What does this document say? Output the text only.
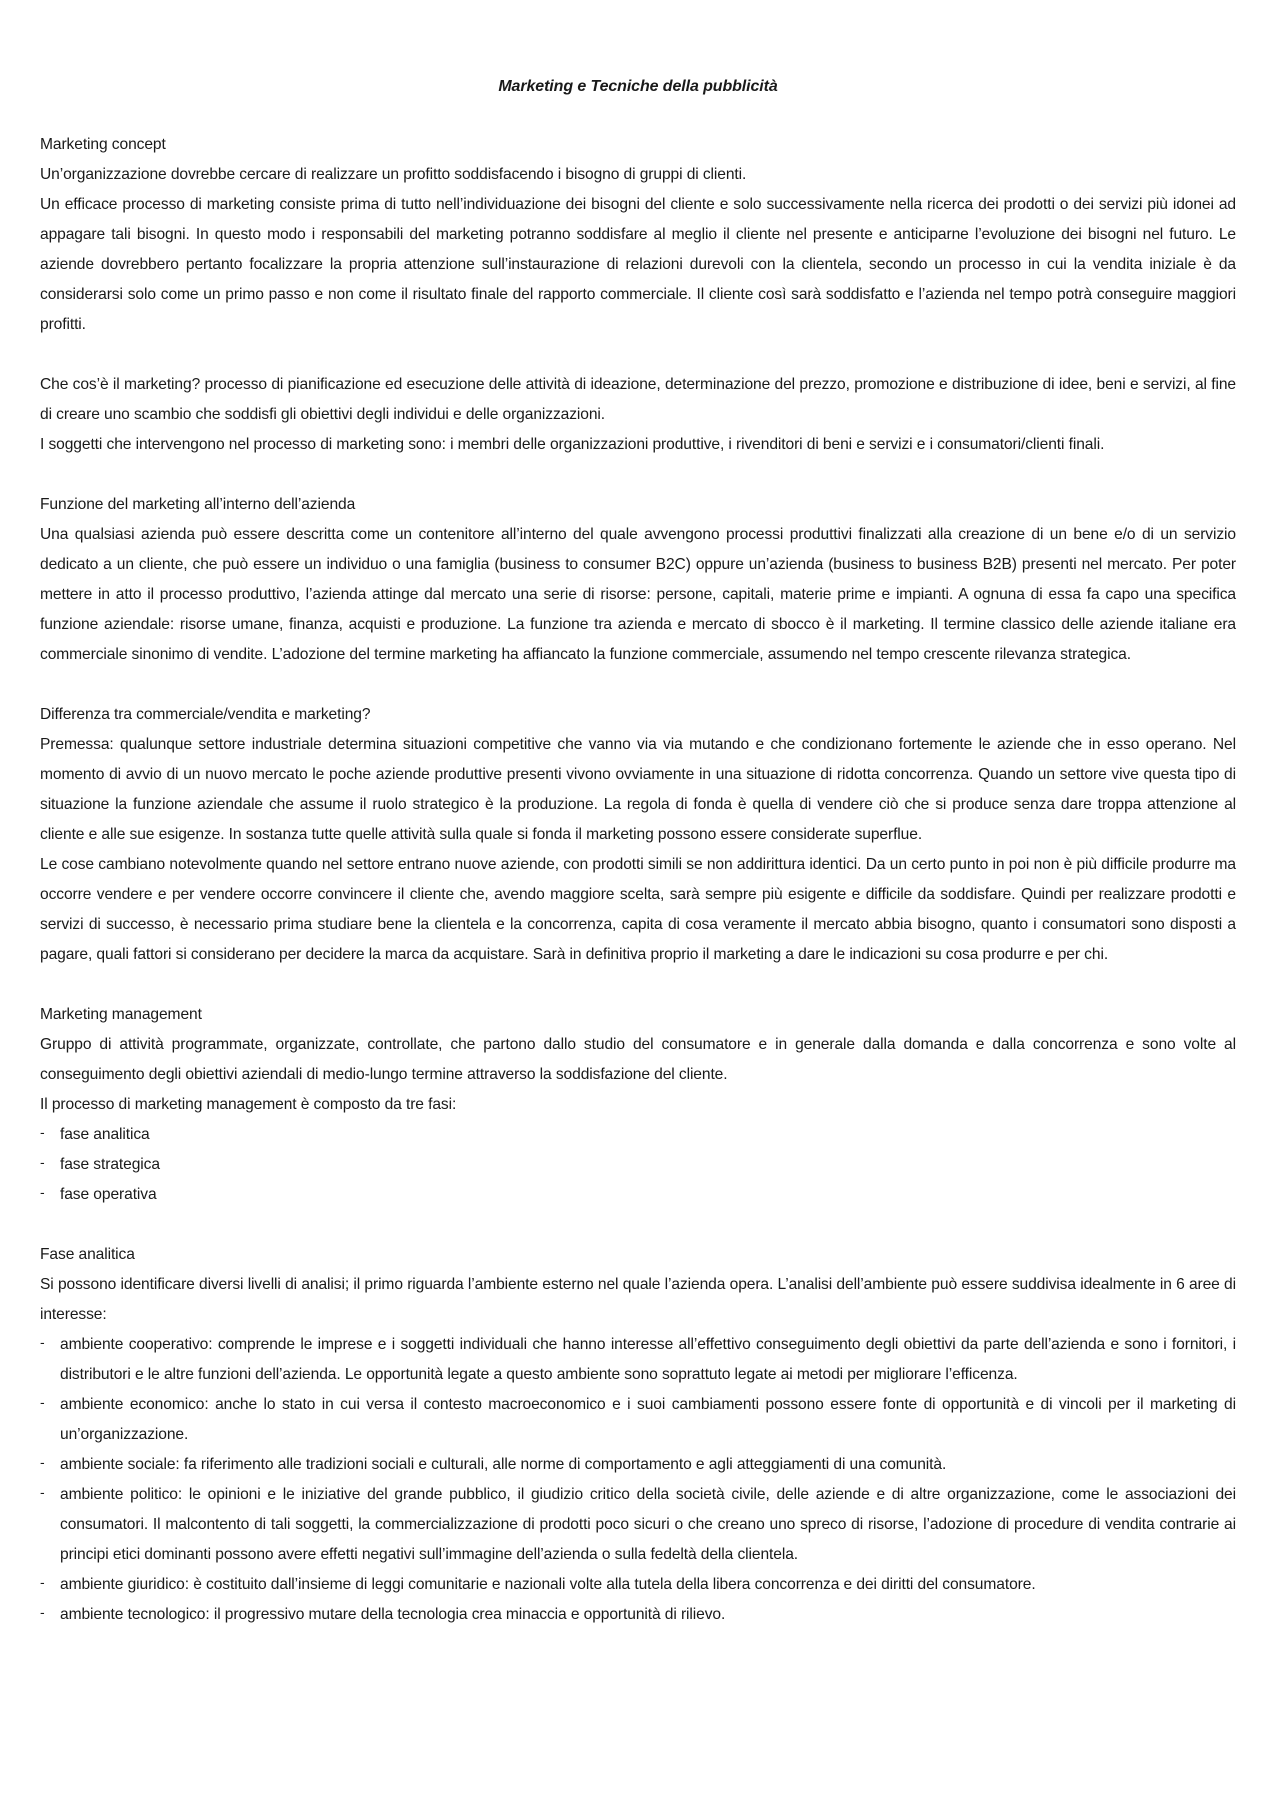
Marketing e Tecniche della pubblicità

Marketing concept

Un’organizzazione dovrebbe cercare di realizzare un profitto soddisfacendo i bisogno di gruppi di clienti.

Un efficace processo di marketing consiste prima di tutto nell’individuazione dei bisogni del cliente e solo successivamente nella ricerca dei prodotti o dei servizi più idonei ad appagare tali bisogni. In questo modo i responsabili del marketing potranno soddisfare al meglio il cliente nel presente e anticiparne l’evoluzione dei bisogni nel futuro. Le aziende dovrebbero pertanto focalizzare la propria attenzione sull’instaurazione di relazioni durevoli con la clientela, secondo un processo in cui la vendita iniziale è da considerarsi solo come un primo passo e non come il risultato finale del rapporto commerciale. Il cliente così sarà soddisfatto e l’azienda nel tempo potrà conseguire maggiori profitti.

Che cos’è il marketing? processo di pianificazione ed esecuzione delle attività di ideazione, determinazione del prezzo, promozione e distribuzione di idee, beni e servizi, al fine di creare uno scambio che soddisfi gli obiettivi degli individui e delle organizzazioni.

I soggetti che intervengono nel processo di marketing sono: i membri delle organizzazioni produttive, i rivenditori di beni e servizi e i consumatori/clienti finali.

Funzione del marketing all’interno dell’azienda

Una qualsiasi azienda può essere descritta come un contenitore all’interno del quale avvengono processi produttivi finalizzati alla creazione di un bene e/o di un servizio dedicato a un cliente, che può essere un individuo o una famiglia (business to consumer B2C) oppure un’azienda (business to business B2B) presenti nel mercato. Per poter mettere in atto il processo produttivo, l’azienda attinge dal mercato una serie di risorse: persone, capitali, materie prime e impianti. A ognuna di essa fa capo una specifica funzione aziendale: risorse umane, finanza, acquisti e produzione. La funzione tra azienda e mercato di sbocco è il marketing. Il termine classico delle aziende italiane era commerciale sinonimo di vendite. L’adozione del termine marketing ha affiancato la funzione commerciale, assumendo nel tempo crescente rilevanza strategica.

Differenza tra commerciale/vendita e marketing?

Premessa: qualunque settore industriale determina situazioni competitive che vanno via via mutando e che condizionano fortemente le aziende che in esso operano. Nel momento di avvio di un nuovo mercato le poche aziende produttive presenti vivono ovviamente in una situazione di ridotta concorrenza. Quando un settore vive questa tipo di situazione la funzione aziendale che assume il ruolo strategico è la produzione. La regola di fonda è quella di vendere ciò che si produce senza dare troppa attenzione al cliente e alle sue esigenze. In sostanza tutte quelle attività sulla quale si fonda il marketing possono essere considerate superflue.

Le cose cambiano notevolmente quando nel settore entrano nuove aziende, con prodotti simili se non addirittura identici. Da un certo punto in poi non è più difficile produrre ma occorre vendere e per vendere occorre convincere il cliente che, avendo maggiore scelta, sarà sempre più esigente e difficile da soddisfare. Quindi per realizzare prodotti e servizi di successo, è necessario prima studiare bene la clientela e la concorrenza, capita di cosa veramente il mercato abbia bisogno, quanto i consumatori sono disposti a pagare, quali fattori si considerano per decidere la marca da acquistare. Sarà in definitiva proprio il marketing a dare le indicazioni su cosa produrre e per chi.

Marketing management

Gruppo di attività programmate, organizzate, controllate, che partono dallo studio del consumatore e in generale dalla domanda e dalla concorrenza e sono volte al conseguimento degli obiettivi aziendali di medio-lungo termine attraverso la soddisfazione del cliente.

Il processo di marketing management è composto da tre fasi:

- fase analitica
- fase strategica
- fase operativa

Fase analitica

Si possono identificare diversi livelli di analisi; il primo riguarda l’ambiente esterno nel quale l’azienda opera. L’analisi dell’ambiente può essere suddivisa idealmente in 6 aree di interesse:

- ambiente cooperativo: comprende le imprese e i soggetti individuali che hanno interesse all’effettivo conseguimento degli obiettivi da parte dell’azienda e sono i fornitori, i distributori e le altre funzioni dell’azienda. Le opportunità legate a questo ambiente sono soprattuto legate ai metodi per migliorare l’efficenza.
- ambiente economico: anche lo stato in cui versa il contesto macroeconomico e i suoi cambiamenti possono essere fonte di opportunità e di vincoli per il marketing di un’organizzazione.
- ambiente sociale: fa riferimento alle tradizioni sociali e culturali, alle norme di comportamento e agli atteggiamenti di una comunità.
- ambiente politico: le opinioni e le iniziative del grande pubblico, il giudizio critico della società civile, delle aziende e di altre organizzazione, come le associazioni dei consumatori. Il malcontento di tali soggetti, la commercializzazione di prodotti poco sicuri o che creano uno spreco di risorse, l’adozione di procedure di vendita contrarie ai principi etici dominanti possono avere effetti negativi sull’immagine dell’azienda o sulla fedeltà della clientela.
- ambiente giuridico: è costituito dall’insieme di leggi comunitarie e nazionali volte alla tutela della libera concorrenza e dei diritti del consumatore.
- ambiente tecnologico: il progressivo mutare della tecnologia crea minaccia e opportunità di rilievo.
